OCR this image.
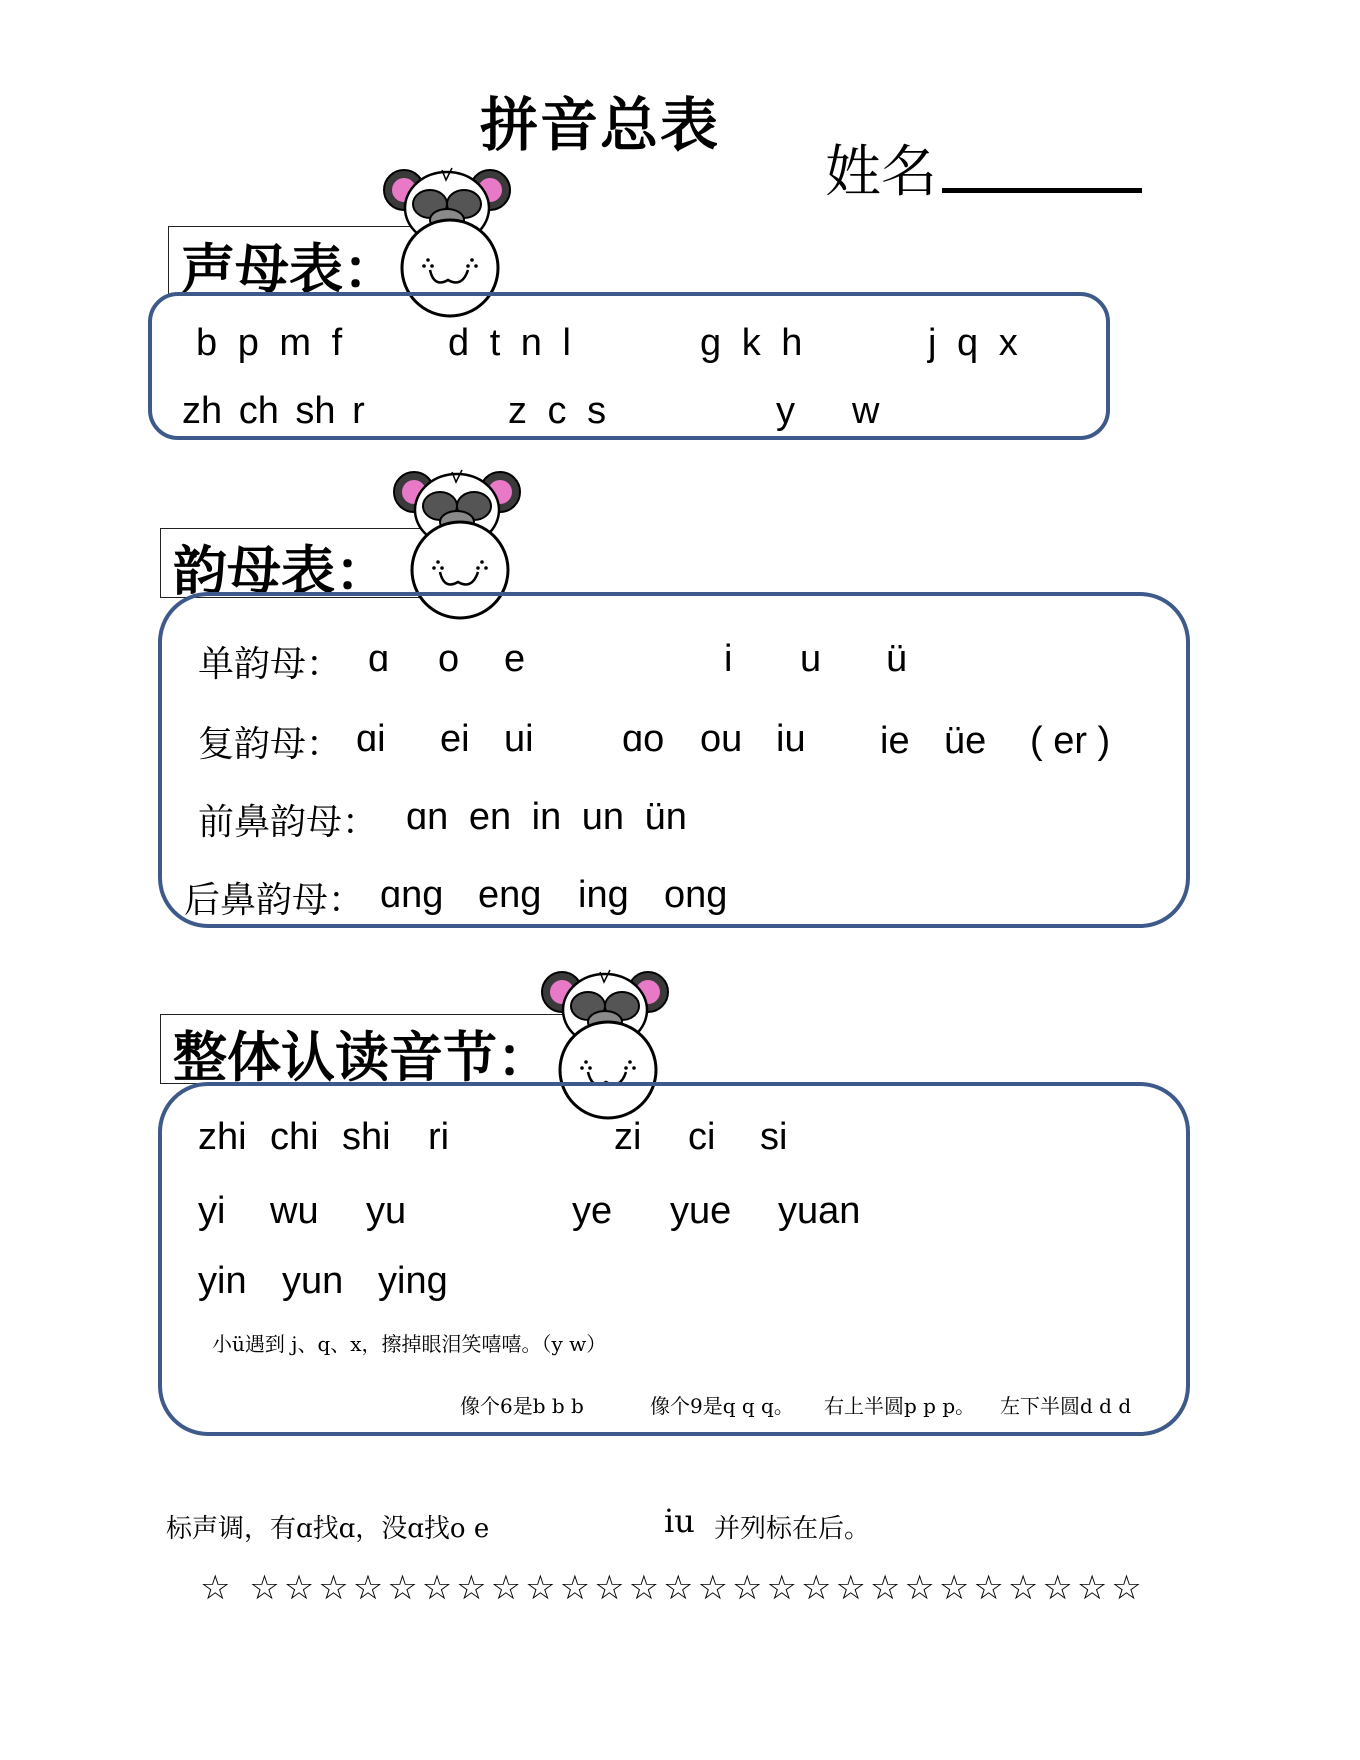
拼音总表
姓名
声母表：
b p m f	d t n l	g k h	j q x
zh ch sh r	z c s	y w
韵母表：
单韵母： ɑ o e	i u ü
复韵母： ɑi ei ui ɑo ou iu ie üe ( er )
前鼻韵母： ɑn en in un ün
后鼻韵母： ɑng eng ing ong
整体认读音节：
zhi chi shi ri	zi ci si
yi wu yu	ye yue yuan
yin yun ying
小ü遇到 j、q、x，擦掉眼泪笑嘻嘻。（y w）
像个6是b b b	像个9是q q q。 右上半圆p p p。 左下半圆d d d
标声调，有ɑ找ɑ，没ɑ找o e	iu 并列标在后。
☆ ☆☆☆☆☆☆☆☆☆☆☆☆☆☆☆☆☆☆☆☆☆☆☆☆☆☆
